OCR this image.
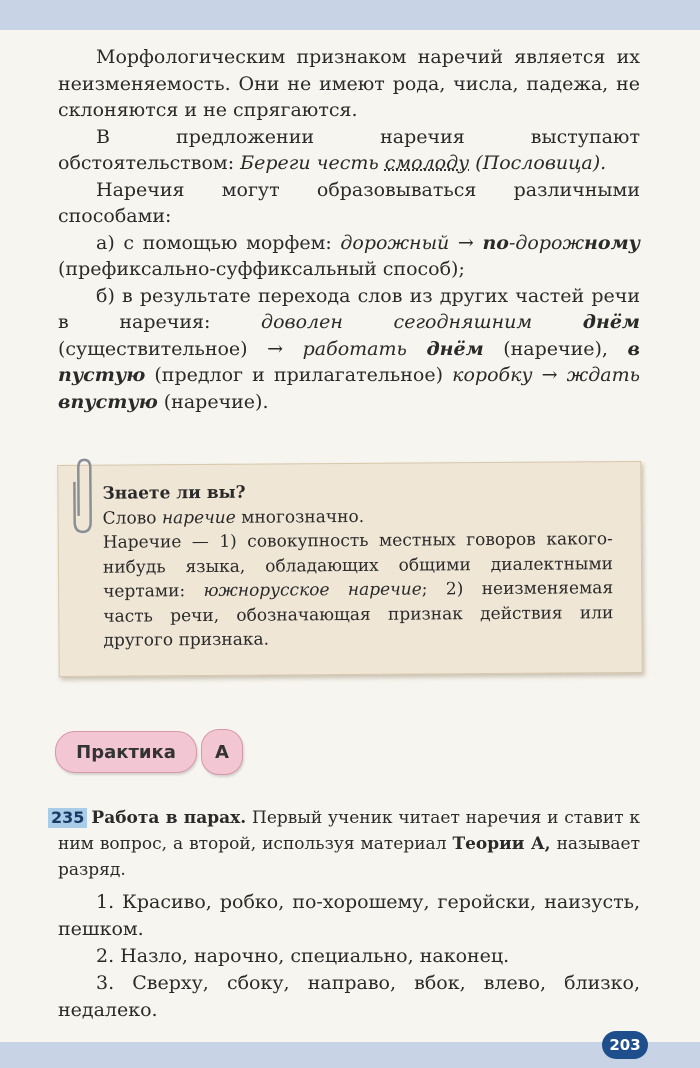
Морфологическим признаком наречий является их неизменяемость. Они не имеют рода, числа, падежа, не склоняются и не спрягаются.

В предложении наречия выступают обстоятельством: Береги честь смолоду (Пословица).

Наречия могут образовываться различными способами:

а) с помощью морфем: дорожный → по-дорожному (префиксально-суффиксальный способ);

б) в результате перехода слов из других частей речи в наречия: доволен сегодняшним днём (существительное) → работать днём (наречие), в пустую (предлог и прилагательное) коробку → ждать впустую (наречие).

Знаете ли вы?

Слово наречие многозначно.

Наречие — 1) совокупность местных говоров какого-нибудь языка, обладающих общими диалектными чертами: южнорусское наречие; 2) неизменяемая часть речи, обозначающая признак действия или другого признака.

Практика	А

235 Работа в парах. Первый ученик читает наречия и ставит к ним вопрос, а второй, используя материал Теории А, называет разряд.

1. Красиво, робко, по-хорошему, геройски, наизусть, пешком.

2. Назло, нарочно, специально, наконец.

3. Сверху, сбоку, направо, вбок, влево, близко, недалеко.

203
